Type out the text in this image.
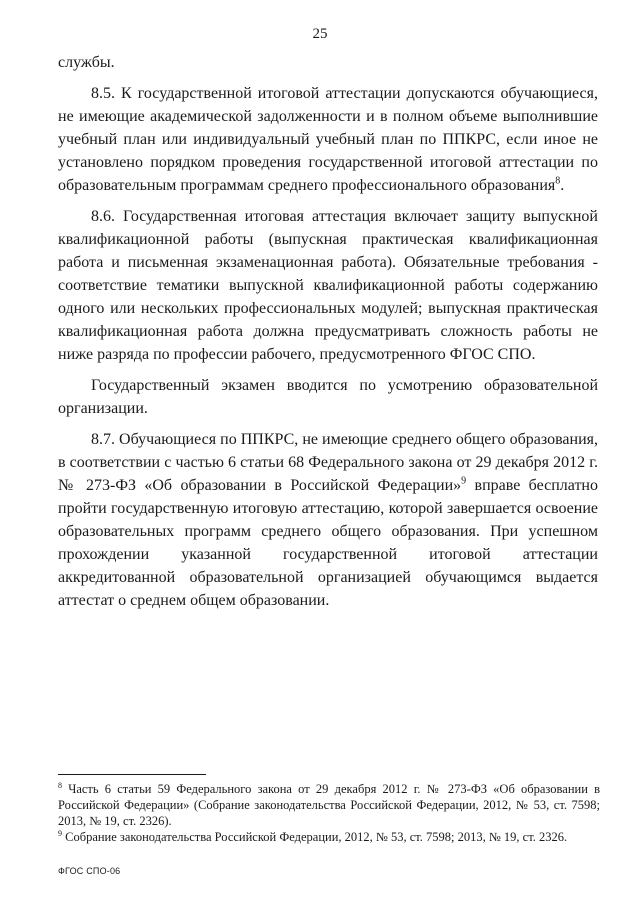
25

службы.

8.5. К государственной итоговой аттестации допускаются обучающиеся, не имеющие академической задолженности и в полном объеме выполнившие учебный план или индивидуальный учебный план по ППКРС, если иное не установлено порядком проведения государственной итоговой аттестации по образовательным программам среднего профессионального образования$^8$.

8.6. Государственная итоговая аттестация включает защиту выпускной квалификационной работы (выпускная практическая квалификационная работа и письменная экзаменационная работа). Обязательные требования - соответствие тематики выпускной квалификационной работы содержанию одного или нескольких профессиональных модулей; выпускная практическая квалификационная работа должна предусматривать сложность работы не ниже разряда по профессии рабочего, предусмотренного ФГОС СПО.

Государственный экзамен вводится по усмотрению образовательной организации.

8.7. Обучающиеся по ППКРС, не имеющие среднего общего образования, в соответствии с частью 6 статьи 68 Федерального закона от 29 декабря 2012 г. № 273-ФЗ «Об образовании в Российской Федерации»$^9$ вправе бесплатно пройти государственную итоговую аттестацию, которой завершается освоение образовательных программ среднего общего образования. При успешном прохождении указанной государственной итоговой аттестации аккредитованной образовательной организацией обучающимся выдается аттестат о среднем общем образовании.

$^8$ Часть 6 статьи 59 Федерального закона от 29 декабря 2012 г. № 273-ФЗ «Об образовании в Российской Федерации» (Собрание законодательства Российской Федерации, 2012, № 53, ст. 7598; 2013, № 19, ст. 2326).

$^9$ Собрание законодательства Российской Федерации, 2012, № 53, ст. 7598; 2013, № 19, ст. 2326.

ФГОС СПО-06
